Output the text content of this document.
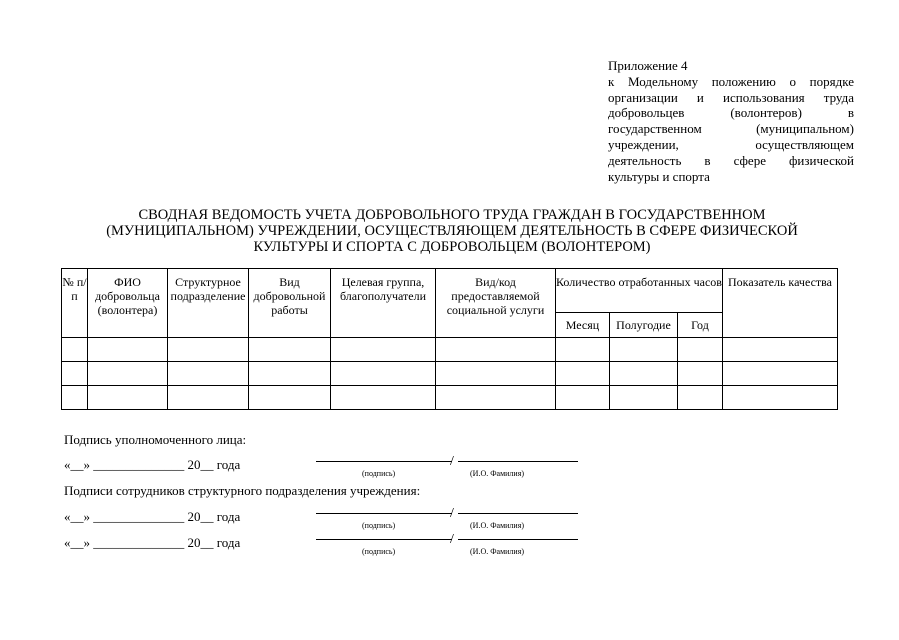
Приложение 4
к Модельному положению о порядке
организации и использования труда
добровольцев (волонтеров) в
государственном (муниципальном)
учреждении, осуществляющем
деятельность в сфере физической
культуры и спорта
СВОДНАЯ ВЕДОМОСТЬ УЧЕТА ДОБРОВОЛЬНОГО ТРУДА ГРАЖДАН В ГОСУДАРСТВЕННОМ
(МУНИЦИПАЛЬНОМ) УЧРЕЖДЕНИИ, ОСУЩЕСТВЛЯЮЩЕМ ДЕЯТЕЛЬНОСТЬ В СФЕРЕ ФИЗИЧЕСКОЙ
КУЛЬТУРЫ И СПОРТА С ДОБРОВОЛЬЦЕМ (ВОЛОНТЕРОМ)
№ п/п	ФИО добровольца (волонтера)	Структурное подразделение	Вид добровольной работы	Целевая группа, благополучатели	Вид/код предоставляемой социальной услуги	Количество отработанных часов			Показатель качества
						Месяц	Полугодие	Год	

Подпись уполномоченного лица:
«__» ______________ 20__ года	/
(подпись)	(И.О. Фамилия)
Подписи сотрудников структурного подразделения учреждения:
«__» ______________ 20__ года	/
(подпись)	(И.О. Фамилия)
«__» ______________ 20__ года	/
(подпись)	(И.О. Фамилия)
